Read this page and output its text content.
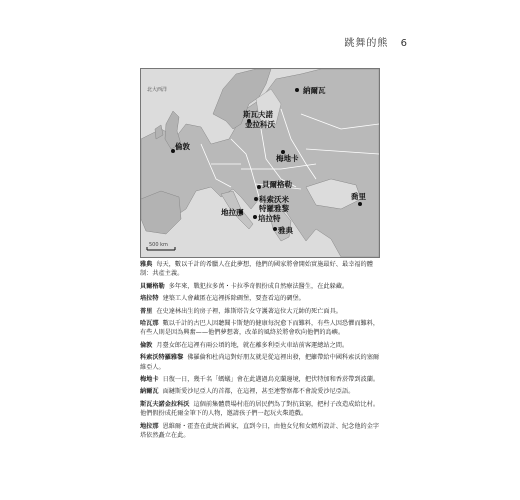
跳舞的熊 6
納爾瓦
斯瓦夫諾
金拉科沃
倫敦
梅地卡
貝爾格勒
科索沃米
特羅雅黎
地拉那
培拉特
雅典
喬里
北大西洋
500 km
雅典 每天，數以千計的希臘人在此夢想，他們的國家將會開始實施最好、最幸福的體制：共產主義。
貝爾格勒 多年來，戰犯拉多萬・卡拉季奇假扮成自然療法醫生，在此躲藏。
培拉特 建築工人會藏匿在這裡拆除碉堡，要查看這的碉堡。
普里 在史達林出生的房子裡，維斯塔告女守護著這位大元帥的死亡面具。
哈瓦那 數以千計的古巴人因聽聞卡斯楚的健康每況愈下而難料，有些人因恐懼而難料，有些人則是因為興奮——他們夢想著，改革的風終於將會吹向他們的島嶼。
倫敦 月臺女郎在這裡有兩公頃的地，就在離多利亞火車站前客運總站之間。
科索沃特羅雅黎 佛羅倫和杜尚這對好朋友就是從這裡出發，把籬帶給中國科索沃的塞爾維亞人。
梅地卡 日復一日，幾千名「螞蟻」會在此邁過烏克蘭邊境，把伏特加和香菸帶到波蘭。
納爾瓦 面鏈斯愛沙尼亞人的首都，在這裡，甚至連警察都不會說愛沙尼亞語。
斯瓦夫諾金拉科沃 這個前集體農場村莊的居民們為了對抗貧窮，把村子改造成給比村。他們假扮成托爾金筆下的人物，邀請孩子們一起玩火柴遊戲。
地拉那 恩維爾・霍查在此統治國家，直到今日，由他女兒和女婿所設計、紀念他的金字塔依然矗立在此。
